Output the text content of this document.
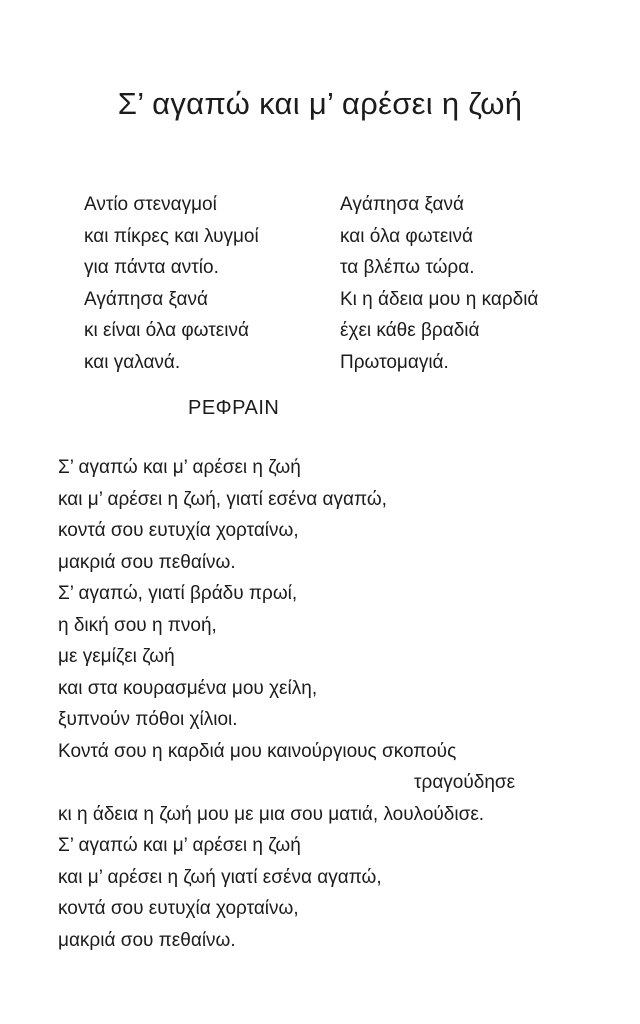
Σ’ αγαπώ και μ’ αρέσει η ζωή
Αντίο στεναγμοί
και πίκρες και λυγμοί
για πάντα αντίο.
Αγάπησα ξανά
κι είναι όλα φωτεινά
και γαλανά.
Αγάπησα ξανά
και όλα φωτεινά
τα βλέπω τώρα.
Κι η άδεια μου η καρδιά
έχει κάθε βραδιά
Πρωτομαγιά.
ΡΕΦΡΑΙΝ
Σ’ αγαπώ και μ’ αρέσει η ζωή
και μ’ αρέσει η ζωή, γιατί εσένα αγαπώ,
κοντά σου ευτυχία χορταίνω,
μακριά σου πεθαίνω.
Σ’ αγαπώ, γιατί βράδυ πρωί,
η δική σου η πνοή,
με γεμίζει ζωή
και στα κουρασμένα μου χείλη,
ξυπνούν πόθοι χίλιοι.
Κοντά σου η καρδιά μου καινούργιους σκοπούς
τραγούδησε
κι η άδεια η ζωή μου με μια σου ματιά, λουλούδισε.
Σ’ αγαπώ και μ’ αρέσει η ζωή
και μ’ αρέσει η ζωή γιατί εσένα αγαπώ,
κοντά σου ευτυχία χορταίνω,
μακριά σου πεθαίνω.
